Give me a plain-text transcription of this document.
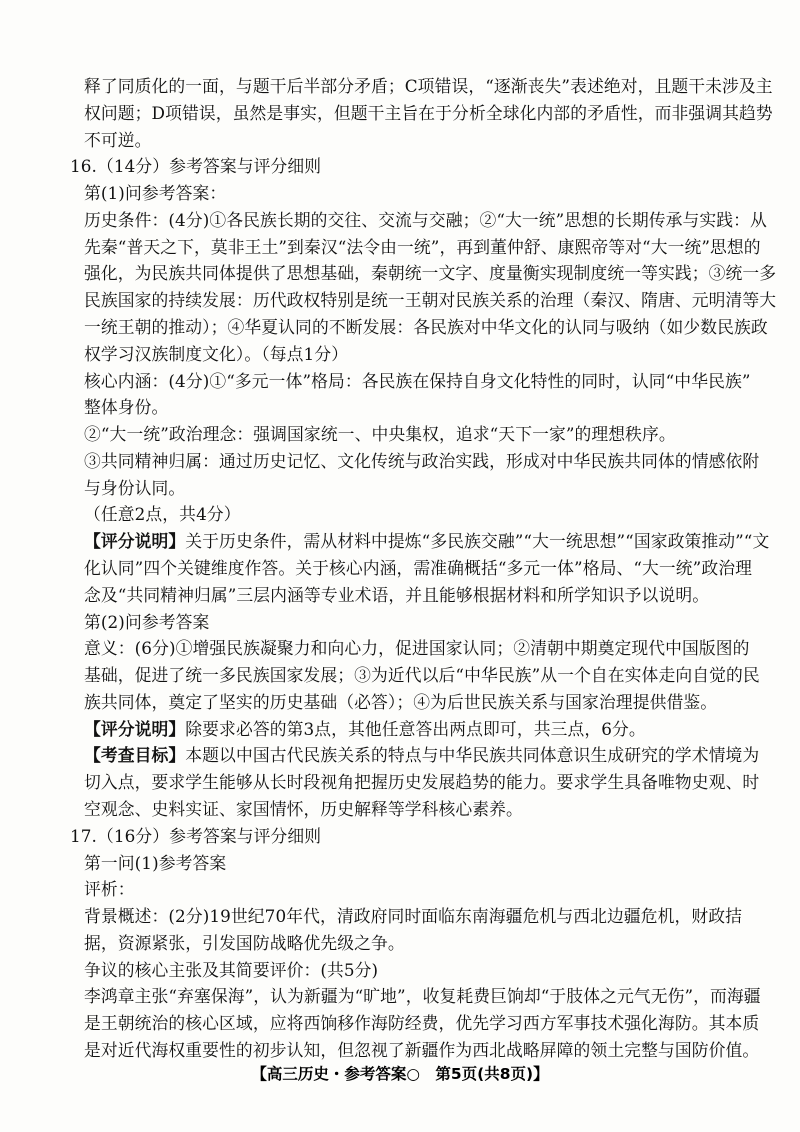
释了同质化的一面，与题干后半部分矛盾；C项错误，“逐渐丧失”表述绝对，且题干未涉及主
权问题；D项错误，虽然是事实，但题干主旨在于分析全球化内部的矛盾性，而非强调其趋势
不可逆。
16.（14分）参考答案与评分细则
第(1)问参考答案：
历史条件：(4分)①各民族长期的交往、交流与交融；②“大一统”思想的长期传承与实践：从
先秦“普天之下，莫非王土”到秦汉“法令由一统”，再到董仲舒、康熙帝等对“大一统”思想的
强化，为民族共同体提供了思想基础，秦朝统一文字、度量衡实现制度统一等实践；③统一多
民族国家的持续发展：历代政权特别是统一王朝对民族关系的治理（秦汉、隋唐、元明清等大
一统王朝的推动）；④华夏认同的不断发展：各民族对中华文化的认同与吸纳（如少数民族政
权学习汉族制度文化）。（每点1分）
核心内涵：(4分)①“多元一体”格局：各民族在保持自身文化特性的同时，认同“中华民族”
整体身份。
②“大一统”政治理念：强调国家统一、中央集权，追求“天下一家”的理想秩序。
③共同精神归属：通过历史记忆、文化传统与政治实践，形成对中华民族共同体的情感依附
与身份认同。
（任意2点，共4分）
【评分说明】关于历史条件，需从材料中提炼“多民族交融”“大一统思想”“国家政策推动”“文
化认同”四个关键维度作答。关于核心内涵，需准确概括“多元一体”格局、“大一统”政治理
念及“共同精神归属”三层内涵等专业术语，并且能够根据材料和所学知识予以说明。
第(2)问参考答案
意义：(6分)①增强民族凝聚力和向心力，促进国家认同；②清朝中期奠定现代中国版图的
基础，促进了统一多民族国家发展；③为近代以后“中华民族”从一个自在实体走向自觉的民
族共同体，奠定了坚实的历史基础（必答）；④为后世民族关系与国家治理提供借鉴。
【评分说明】除要求必答的第3点，其他任意答出两点即可，共三点，6分。
【考查目标】本题以中国古代民族关系的特点与中华民族共同体意识生成研究的学术情境为
切入点，要求学生能够从长时段视角把握历史发展趋势的能力。要求学生具备唯物史观、时
空观念、史料实证、家国情怀，历史解释等学科核心素养。
17.（16分）参考答案与评分细则
第一问(1)参考答案
评析：
背景概述：(2分)19世纪70年代，清政府同时面临东南海疆危机与西北边疆危机，财政拮
据，资源紧张，引发国防战略优先级之争。
争议的核心主张及其简要评价：(共5分)
李鸿章主张“弃塞保海”，认为新疆为“旷地”，收复耗费巨饷却“于肢体之元气无伤”，而海疆
是王朝统治的核心区域，应将西饷移作海防经费，优先学习西方军事技术强化海防。其本质
是对近代海权重要性的初步认知，但忽视了新疆作为西北战略屏障的领土完整与国防价值。
【高三历史・参考答案○　第5页(共8页)】
